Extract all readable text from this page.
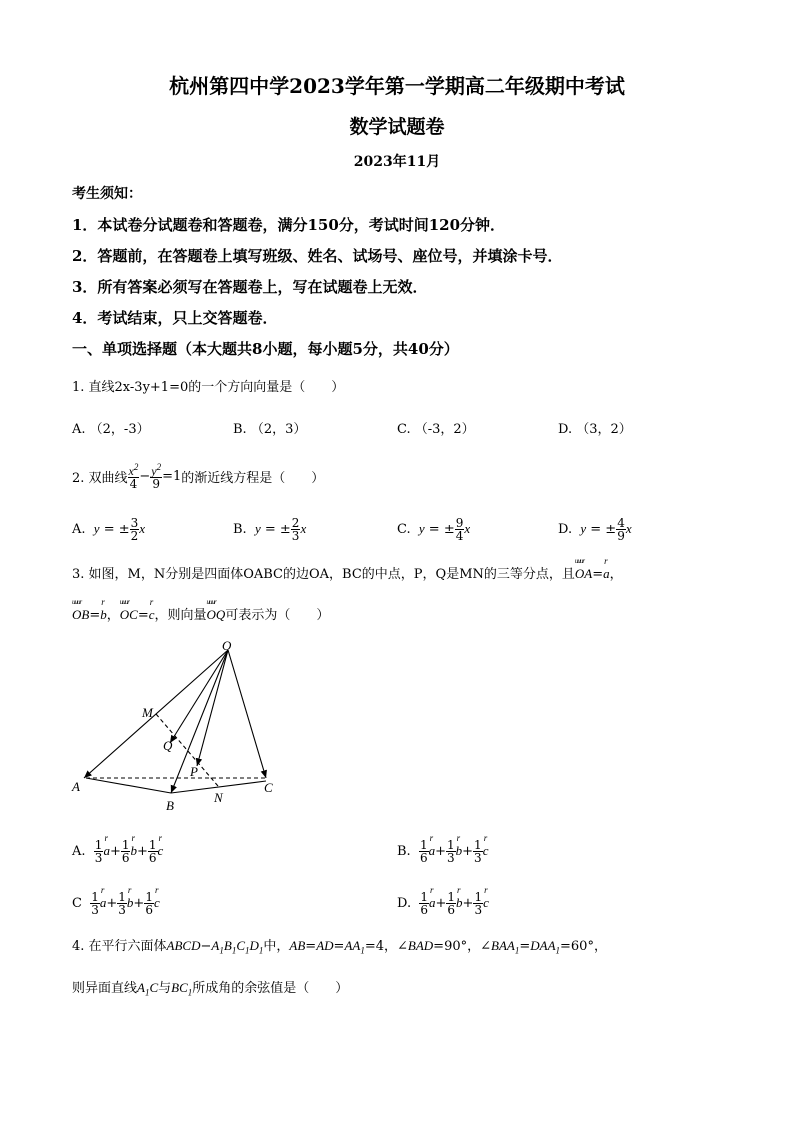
杭州第四中学2023学年第一学期高二年级期中考试
数学试题卷
2023年11月
考生须知：
1．本试卷分试题卷和答题卷，满分150分，考试时间120分钟．
2．答题前，在答题卷上填写班级、姓名、试场号、座位号，并填涂卡号．
3．所有答案必须写在答题卷上，写在试题卷上无效．
4．考试结束，只上交答题卷．
一、单项选择题（本大题共8小题，每小题5分，共40分）
1. 直线2x-3y+1=0的一个方向向量是（　　）
A. （2，-3）	B. （2，3）	C. （-3，2）	D. （3，2）
2. 双曲线 $\frac{x^2}{4} - \frac{y^2}{9} =1$ 的渐近线方程是（　　）
A.
y = ± $\frac{3}{2}$ x	B.
y = ± $\frac{2}{3}$ x	C.
y = ± $\frac{9}{4}$ x	D.
y = ± $\frac{4}{9}$ x
3. 如图，M，N分别是四面体OABC的边OA，BC的中点，P，Q是MN的三等分点，且uuur OA=r a，
uuur OB=r b，uuur OC=r c，则向量uuur OQ可表示为（　　）
O
M
Q
P
A
B
N
C
A.
$\frac{1}{3}$ r $a + \frac{1}{6}$ r $b + \frac{1}{6}$ r c	B.
$\frac{1}{6}$ r $a + \frac{1}{3}$ r $b + \frac{1}{3}$ r c
C
$\frac{1}{3}$ r $a + \frac{1}{3}$ r $b + \frac{1}{6}$ r c	D.
$\frac{1}{6}$ r $a + \frac{1}{6}$ r $b + \frac{1}{3}$ r c
4. 在平行六面体$ABCD-A_1B_1C_1D_1$中，$AB=AD=AA_1=4$，∠BAD=90°，$\angle BAA_1=DAA_1=60^\circ$，
则异面直线$A_1C$与$BC_1$所成角的余弦值是（　　）
